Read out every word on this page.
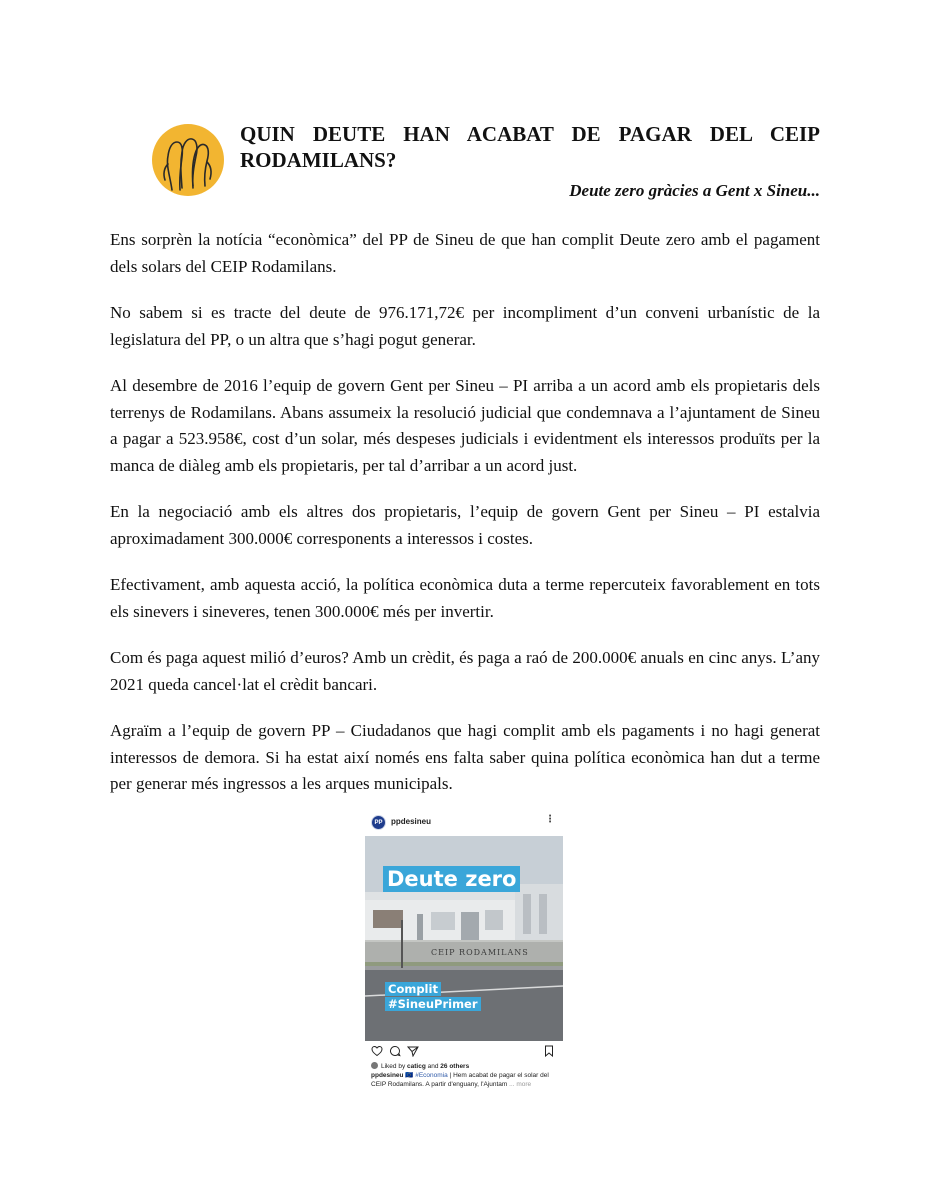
QUIN DEUTE HAN ACABAT DE PAGAR DEL CEIP RODAMILANS?

Deute zero gràcies a Gent x Sineu...

Ens sorprèn la notícia “econòmica” del PP de Sineu de que han complit Deute zero amb el pagament dels solars del CEIP Rodamilans.

No sabem si es tracte del deute de 976.171,72€ per incompliment d’un conveni urbanístic de la legislatura del PP, o un altra que s’hagi pogut generar.

Al desembre de 2016 l’equip de govern Gent per Sineu – PI arriba a un acord amb els propietaris dels terrenys de Rodamilans. Abans assumeix la resolució judicial que condemnava a l’ajuntament de Sineu a pagar a 523.958€, cost d’un solar, més despeses judicials i evidentment els interessos produïts per la manca de diàleg amb els propietaris, per tal d’arribar a un acord just.

En la negociació amb els altres dos propietaris, l’equip de govern Gent per Sineu – PI estalvia aproximadament 300.000€ corresponents a interessos i costes.

Efectivament, amb aquesta acció, la política econòmica duta a terme repercuteix favorablement en tots els sinevers i sineveres, tenen 300.000€ més per invertir.

Com és paga aquest milió d’euros? Amb un crèdit, és paga a raó de 200.000€ anuals en cinc anys. L’any 2021 queda cancel·lat el crèdit bancari.

Agraïm a l’equip de govern PP – Ciudadanos que hagi complit amb els pagaments i no hagi generat interessos de demora. Si ha estat així només ens falta saber quina política econòmica han dut a terme per generar més ingressos a les arques municipals.

PP	ppdesineu	⋮
Deute zero
CEIP RODAMILANS
Complit
#SineuPrimer
Liked by caticg and 26 others
ppdesineu 🇪🇺 #Economia | Hem acabat de pagar el solar del CEIP Rodamilans. A partir d'enguany, l'Ajuntam ... more
